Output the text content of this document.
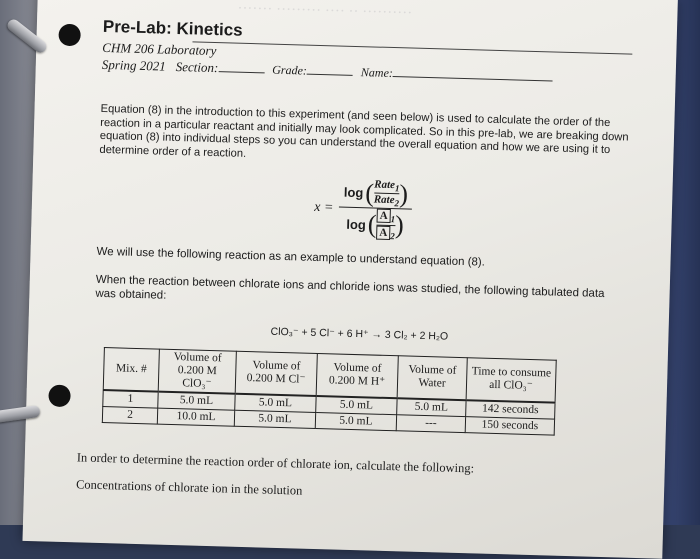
······· ········· ···· ·· ··········
Pre-Lab: Kinetics
CHM 206 Laboratory
Spring 2021 Section:	Grade:	Name:

Equation (8) in the introduction to this experiment (and seen below) is used to calculate the order of the reaction in a particular reactant and initially may look complicated. So in this pre-lab, we are breaking down equation (8) into individual steps so you can understand the overall equation and how we are using it to determine order of a reaction.

x =
log ( $\frac{Rate_1}{Rate_2}$ )
log ( $\frac{A _1}{A _2}$ )

We will use the following reaction as an example to understand equation (8).

When the reaction between chlorate ions and chloride ions was studied, the following tabulated data was obtained:

ClO₃⁻ + 5 Cl⁻ + 6 H⁺ → 3 Cl₂ + 2 H₂O
Mix. #	Volume of 0.200 M ClO₃⁻	Volume of 0.200 M Cl⁻	Volume of 0.200 M H⁺	Volume of Water	Time to consume all ClO₃⁻
1	5.0 mL	5.0 mL	5.0 mL	5.0 mL	142 seconds
2	10.0 mL	5.0 mL	5.0 mL	---	150 seconds

In order to determine the reaction order of chlorate ion, calculate the following:

Concentrations of chlorate ion in the solution
